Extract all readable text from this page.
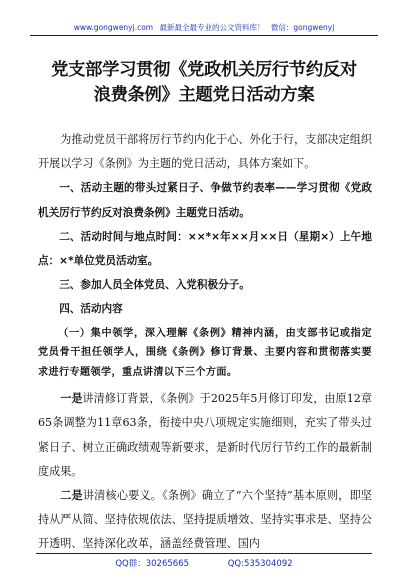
www.gongwenyj.com 最新最全最专业的公文资料库！ 微信：gongwenyj
党支部学习贯彻《党政机关厉行节约反对
浪费条例》主题党日活动方案

为推动党员干部将厉行节约内化于心、外化于行，支部决定组织开展以学习《条例》为主题的党日活动，具体方案如下。

一、活动主题的带头过紧日子、争做节约表率——学习贯彻《党政机关厉行节约反对浪费条例》主题党日活动。

二、活动时间与地点时间：××*×年××月××日（星期×）上午地点：×*单位党员活动室。

三、参加人员全体党员、入党积极分子。

四、活动内容

（一）集中领学，深入理解《条例》精神内涵，由支部书记或指定党员骨干担任领学人，围绕《条例》修订背景、主要内容和贯彻落实要求进行专题领学，重点讲清以下三个方面。

一是讲清修订背景，《条例》于2025年5月修订印发，由原12章65条调整为11章63条，衔接中央八项规定实施细则，充实了带头过紧日子、树立正确政绩观等新要求，是新时代厉行节约工作的最新制度成果。

二是讲清核心要义。《条例》确立了“六个坚持”基本原则，即坚持从严从简、坚持依规依法、坚持提质增效、坚持实事求是、坚持公开透明、坚持深化改革，涵盖经费管理、国内

QQ群：30265665	QQ:535304092
